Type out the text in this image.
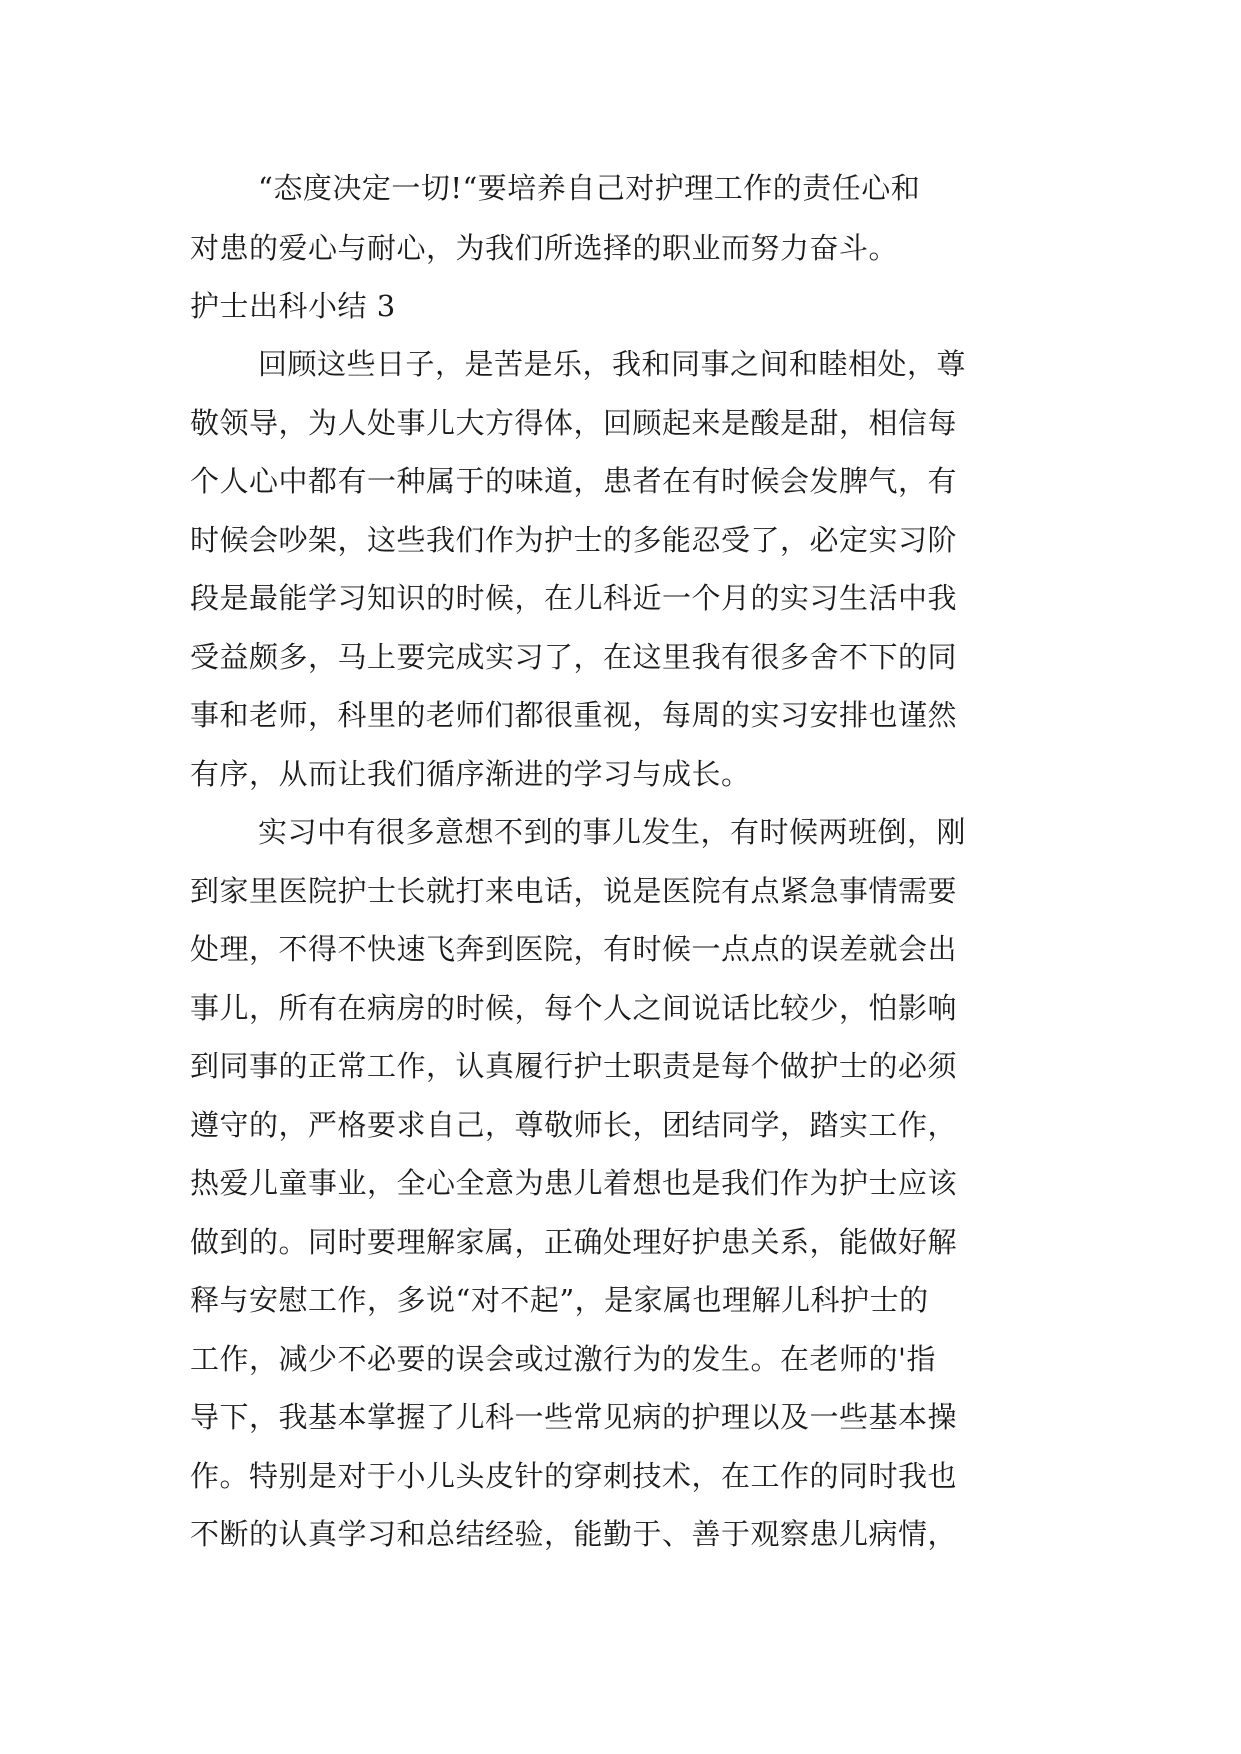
“态度决定一切!“要培养自己对护理工作的责任心和
对患的爱心与耐心，为我们所选择的职业而努力奋斗。
护士出科小结 3
回顾这些日子，是苦是乐，我和同事之间和睦相处，尊
敬领导，为人处事儿大方得体，回顾起来是酸是甜，相信每
个人心中都有一种属于的味道，患者在有时候会发脾气，有
时候会吵架，这些我们作为护士的多能忍受了，必定实习阶
段是最能学习知识的时候，在儿科近一个月的实习生活中我
受益颇多，马上要完成实习了，在这里我有很多舍不下的同
事和老师，科里的老师们都很重视，每周的实习安排也谨然
有序，从而让我们循序渐进的学习与成长。
实习中有很多意想不到的事儿发生，有时候两班倒，刚
到家里医院护士长就打来电话，说是医院有点紧急事情需要
处理，不得不快速飞奔到医院，有时候一点点的误差就会出
事儿，所有在病房的时候，每个人之间说话比较少，怕影响
到同事的正常工作，认真履行护士职责是每个做护士的必须
遵守的，严格要求自己，尊敬师长，团结同学，踏实工作，
热爱儿童事业，全心全意为患儿着想也是我们作为护士应该
做到的。同时要理解家属，正确处理好护患关系，能做好解
释与安慰工作，多说“对不起”，是家属也理解儿科护士的
工作，减少不必要的误会或过激行为的发生。在老师的'指
导下，我基本掌握了儿科一些常见病的护理以及一些基本操
作。特别是对于小儿头皮针的穿刺技术，在工作的同时我也
不断的认真学习和总结经验，能勤于、善于观察患儿病情，
